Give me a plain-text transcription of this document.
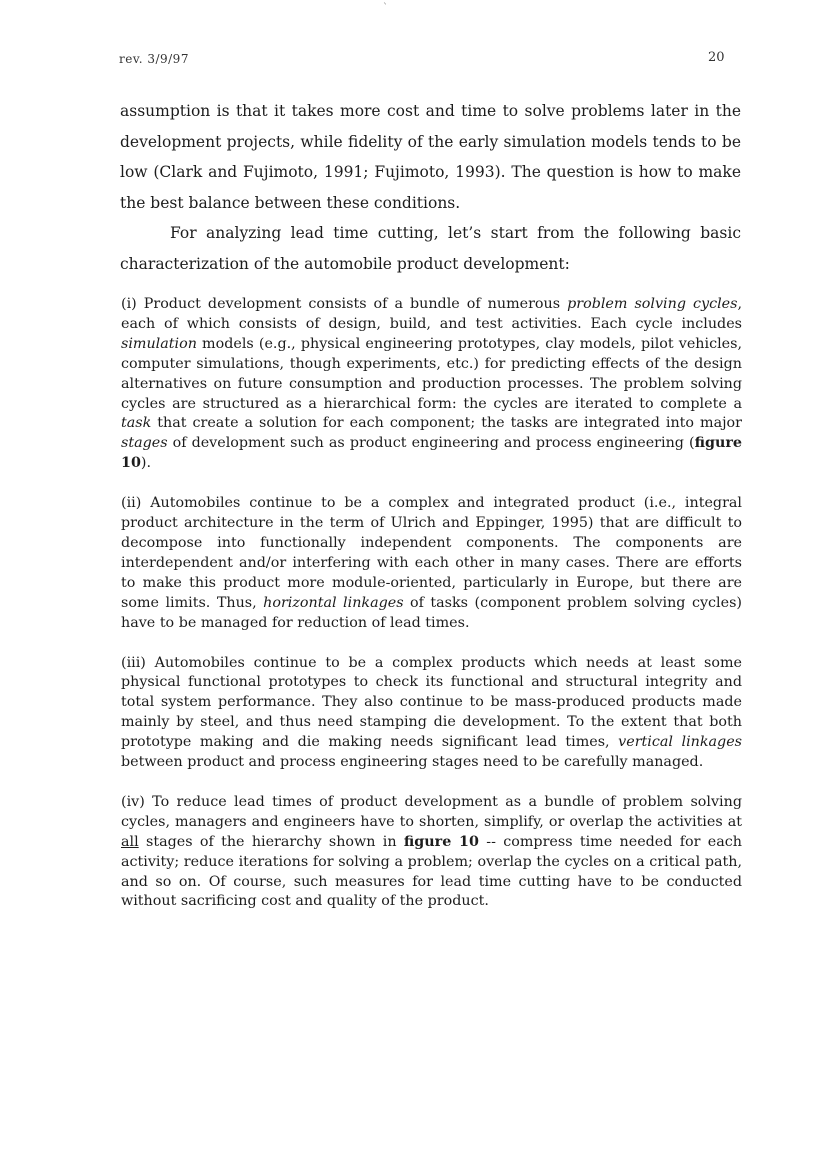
`
rev. 3/9/97	20

assumption is that it takes more cost and time to solve problems later in the development projects, while fidelity of the early simulation models tends to be low (Clark and Fujimoto, 1991; Fujimoto, 1993). The question is how to make the best balance between these conditions.

For analyzing lead time cutting, let’s start from the following basic characterization of the automobile product development:

(i) Product development consists of a bundle of numerous problem solving cycles, each of which consists of design, build, and test activities. Each cycle includes simulation models (e.g., physical engineering prototypes, clay models, pilot vehicles, computer simulations, though experiments, etc.) for predicting effects of the design alternatives on future consumption and production processes. The problem solving cycles are structured as a hierarchical form: the cycles are iterated to complete a task that create a solution for each component; the tasks are integrated into major stages of development such as product engineering and process engineering (figure 10).

(ii) Automobiles continue to be a complex and integrated product (i.e., integral product architecture in the term of Ulrich and Eppinger, 1995) that are difficult to decompose into functionally independent components. The components are interdependent and/or interfering with each other in many cases. There are efforts to make this product more module-oriented, particularly in Europe, but there are some limits. Thus, horizontal linkages of tasks (component problem solving cycles) have to be managed for reduction of lead times.

(iii) Automobiles continue to be a complex products which needs at least some physical functional prototypes to check its functional and structural integrity and total system performance. They also continue to be mass-produced products made mainly by steel, and thus need stamping die development. To the extent that both prototype making and die making needs significant lead times, vertical linkages between product and process engineering stages need to be carefully managed.

(iv) To reduce lead times of product development as a bundle of problem solving cycles, managers and engineers have to shorten, simplify, or overlap the activities at all stages of the hierarchy shown in figure 10 -- compress time needed for each activity; reduce iterations for solving a problem; overlap the cycles on a critical path, and so on. Of course, such measures for lead time cutting have to be conducted without sacrificing cost and quality of the product.
